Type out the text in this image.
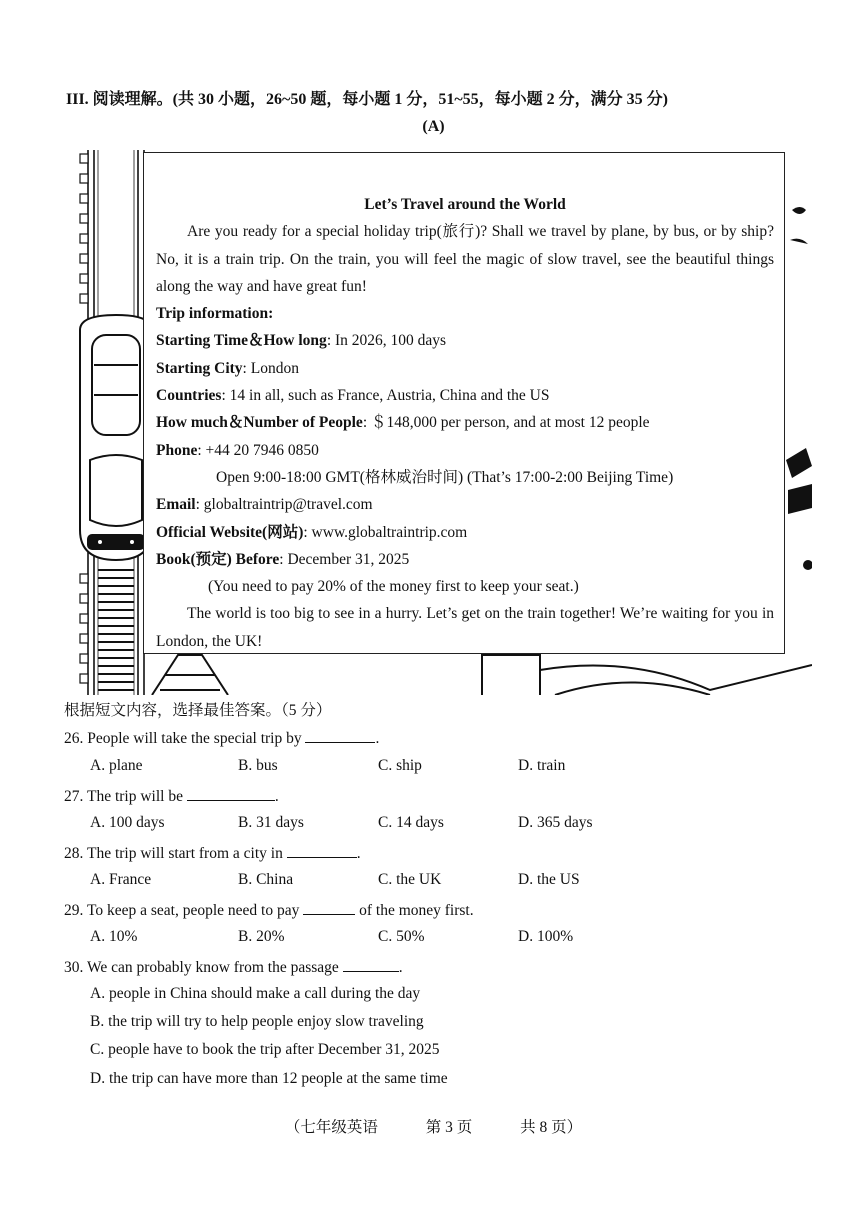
III. 阅读理解。(共 30 小题，26~50 题，每小题 1 分，51~55，每小题 2 分，满分 35 分)
(A)

Let’s Travel around the World

Are you ready for a special holiday trip(旅行)? Shall we travel by plane, by bus, or by ship? No, it is a train trip. On the train, you will feel the magic of slow travel, see the beautiful things along the way and have great fun!

Trip information:

Starting Time＆How long: In 2026, 100 days

Starting City: London

Countries: 14 in all, such as France, Austria, China and the US

How much＆Number of People: ＄148,000 per person, and at most 12 people

Phone: +44 20 7946 0850

Open 9:00-18:00 GMT(格林威治时间) (That’s 17:00-2:00 Beijing Time)

Email: globaltraintrip@travel.com

Official Website(网站): www.globaltraintrip.com

Book(预定) Before: December 31, 2025

(You need to pay 20% of the money first to keep your seat.)

The world is too big to see in a hurry. Let’s get on the train together! We’re waiting for you in London, the UK!

根据短文内容，选择最佳答案。（5 分）
26. People will take the special trip by	.
A. plane	B. bus	C. ship	D. train
27. The trip will be	.
A. 100 days	B. 31 days	C. 14 days	D. 365 days
28. The trip will start from a city in	.
A. France	B. China	C. the UK	D. the US
29. To keep a seat, people need to pay	of the money first.
A. 10%	B. 20%	C. 50%	D. 100%
30. We can probably know from the passage	.
A. people in China should make a call during the day
B. the trip will try to help people enjoy slow traveling
C. people have to book the trip after December 31, 2025
D. the trip can have more than 12 people at the same time
（七年级英语	第 3 页	共 8 页）
